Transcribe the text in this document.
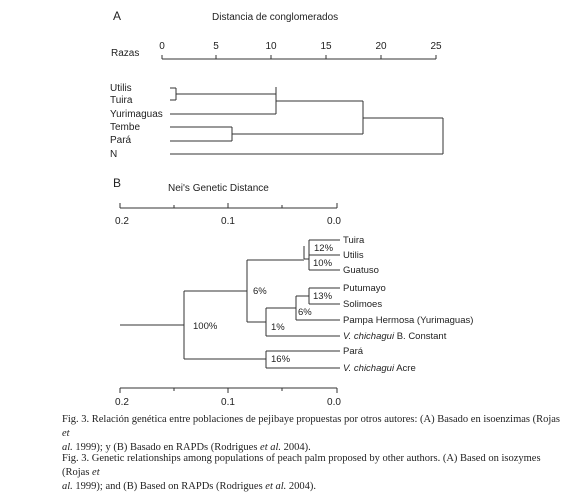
A	Distancia de conglomerados
Razas
0	5	10	15	20	25
Utilis
Tuira
Yurimaguas
Tembe
Pará
N
B	Nei's Genetic Distance
0.2	0.1	0.0
Tuira
Utilis
Guatuso
Putumayo
Solimoes
Pampa Hermosa (Yurimaguas)
V. chichagui B. Constant
Pará
V. chichagui Acre
12%
10%
6%	13%
6%
1%
100%
16%
0.2	0.1	0.0
Fig. 3. Relación genética entre poblaciones de pejibaye propuestas por otros autores: (A) Basado en isoenzimas (Rojas et
al. 1999); y (B) Basado en RAPDs (Rodrigues et al. 2004).
Fig. 3. Genetic relationships among populations of peach palm proposed by other authors. (A) Based on isozymes (Rojas et
al. 1999); and (B) Based on RAPDs (Rodrigues et al. 2004).
